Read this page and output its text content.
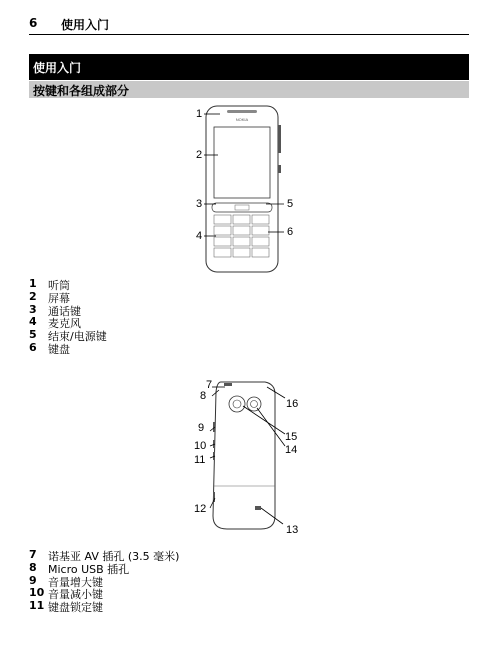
6 使用入门
使用入门
按键和各组成部分
NOKIA
1
2
3
4
5
6
7
8
16
9
15
10	14
11
12
13
1 听筒
2 屏幕
3 通话键
4 麦克风
5 结束/电源键
6 键盘
7 诺基亚 AV 插孔 (3.5 毫米)
8 Micro USB 插孔
9 音量增大键
10 音量减小键
11 键盘锁定键
